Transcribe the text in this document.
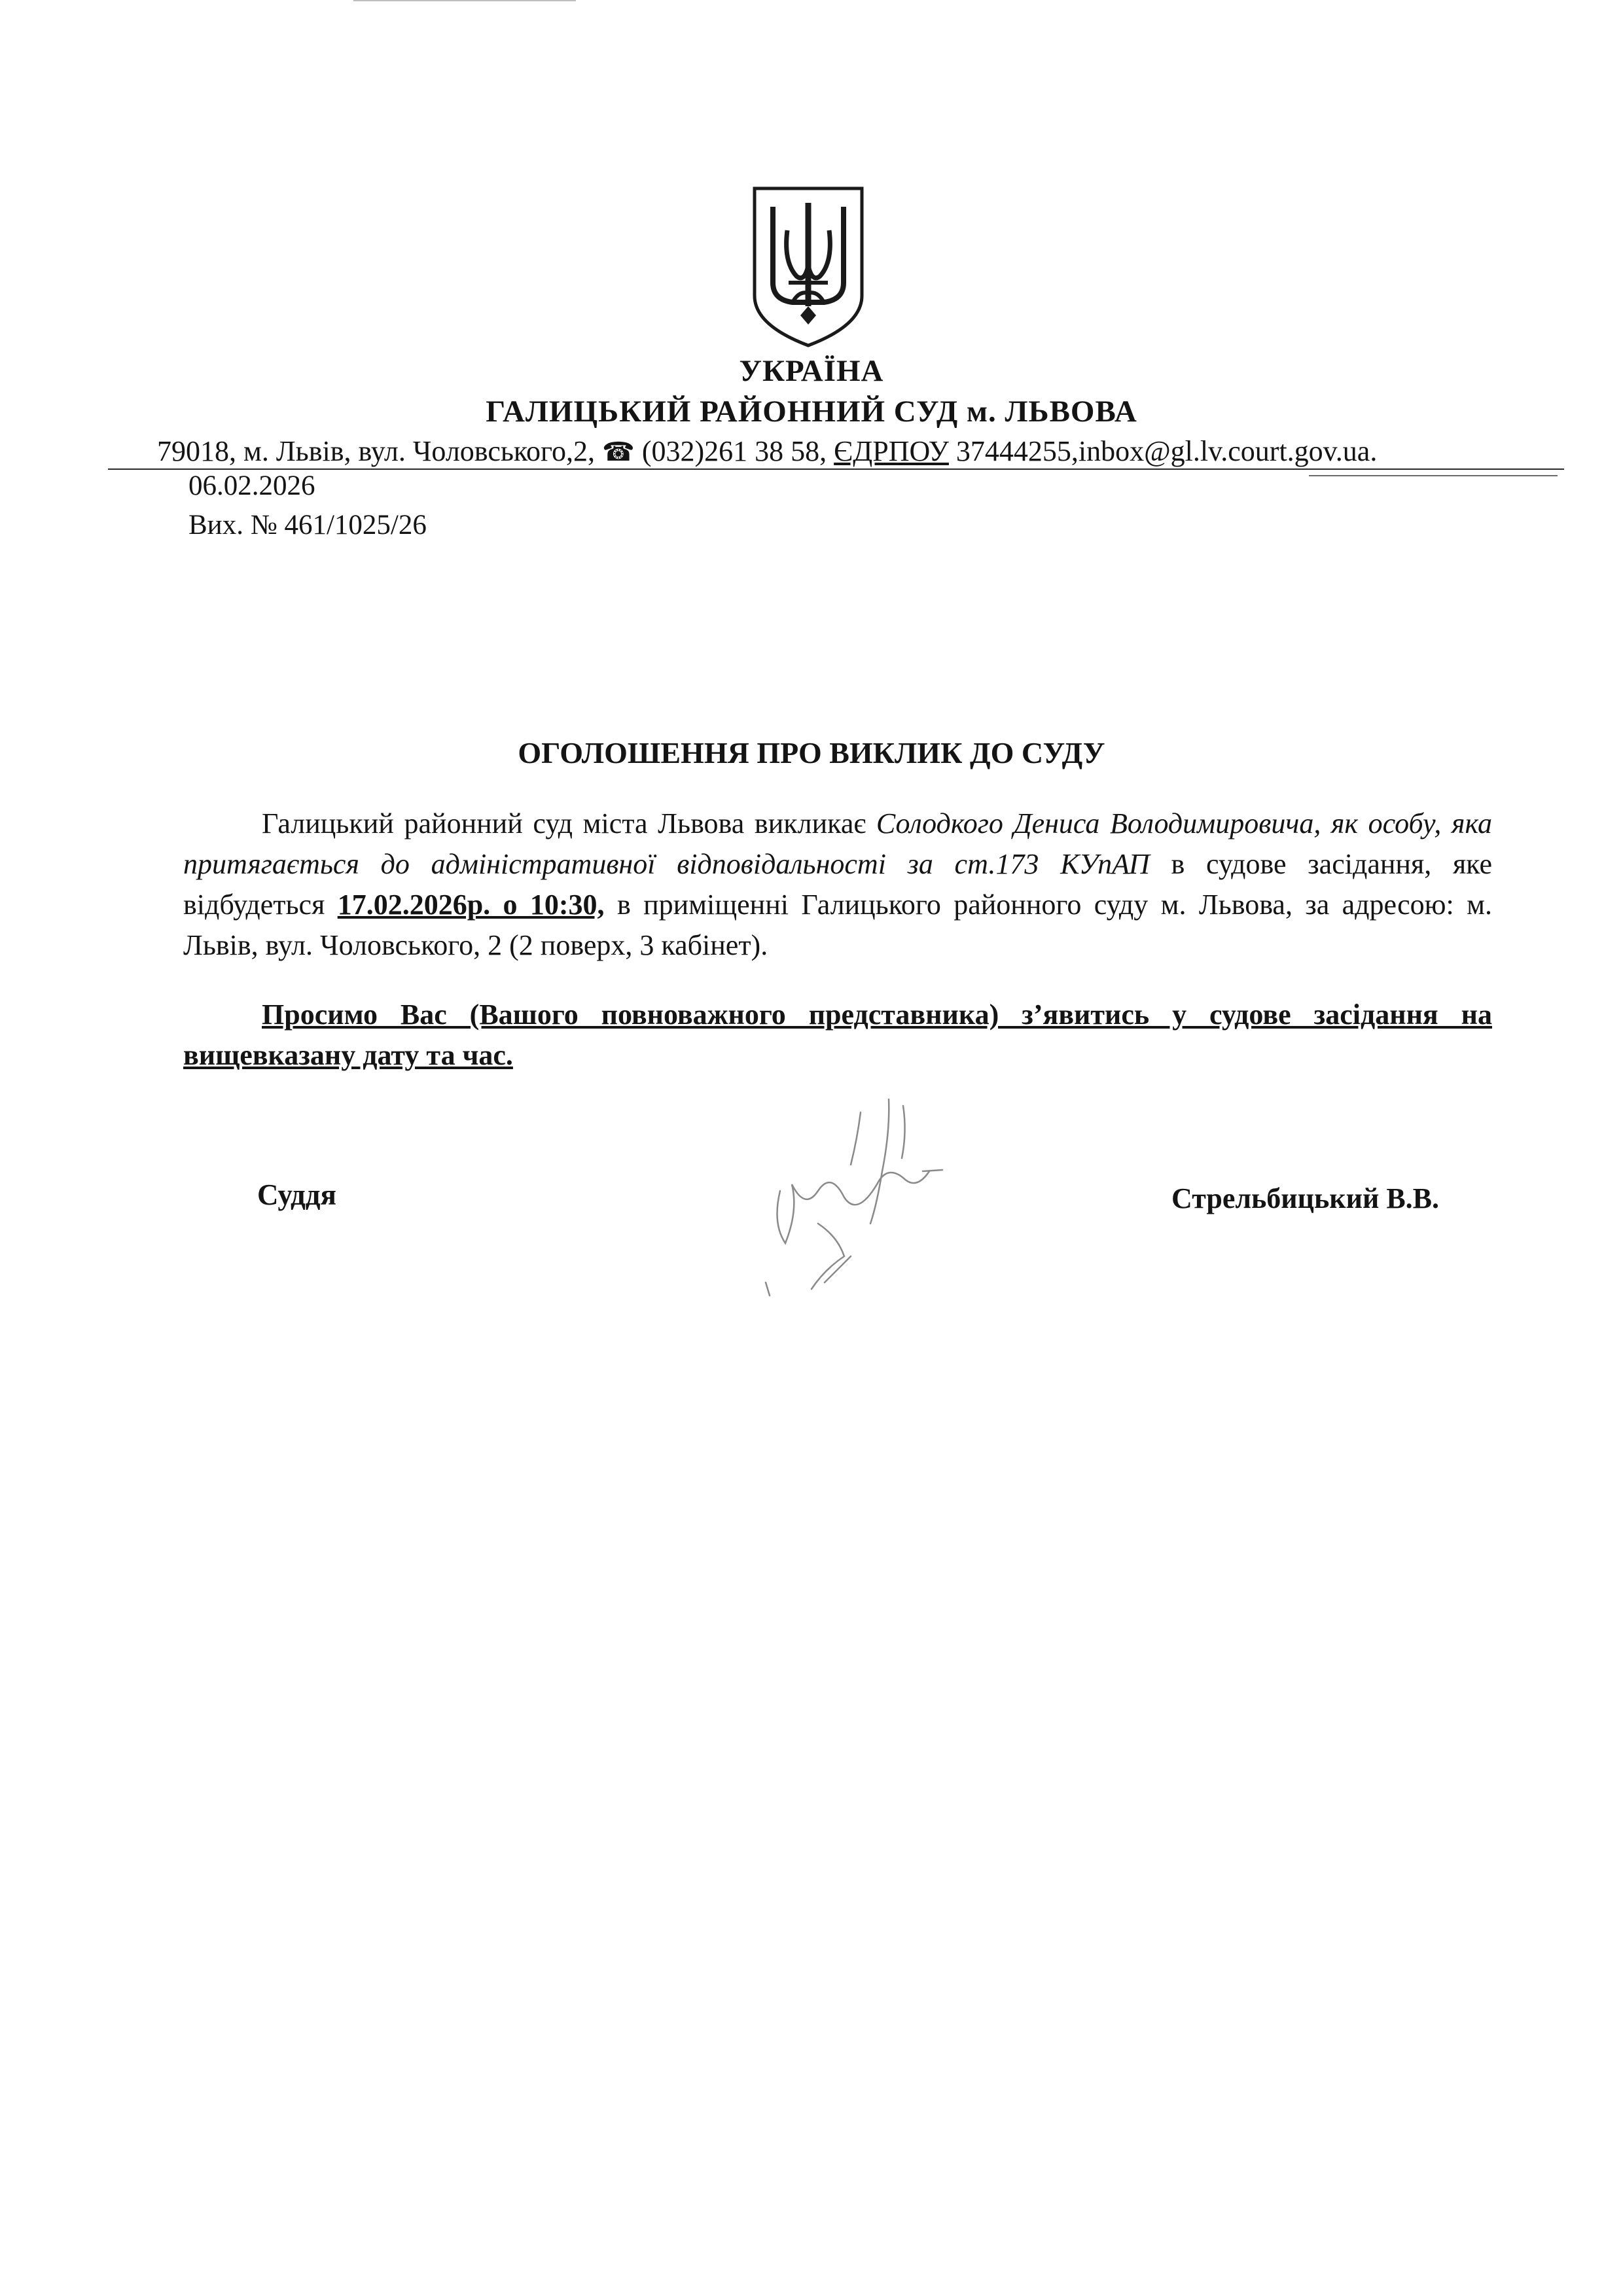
УКРАЇНА
ГАЛИЦЬКИЙ РАЙОННИЙ СУД м. ЛЬВОВА
79018, м. Львів, вул. Чоловського,2, ☎ (032)261 38 58, ЄДРПОУ 37444255,inbox@gl.lv.court.gov.ua.
06.02.2026
Вих. № 461/1025/26
ОГОЛОШЕННЯ ПРО ВИКЛИК ДО СУДУ
Галицький районний суд міста Львова викликає Солодкого Дениса Володимировича, як особу, яка притягається до адміністративної відповідальності за ст.173 КУпАП в судове засідання, яке відбудеться 17.02.2026р. о 10:30, в приміщенні Галицького районного суду м. Львова, за адресою: м. Львів, вул. Чоловського, 2 (2 поверх, 3 кабінет).
Просимо Вас (Вашого повноважного представника) з’явитись у судове засідання на вищевказану дату та час.
Суддя	Стрельбицький В.В.
